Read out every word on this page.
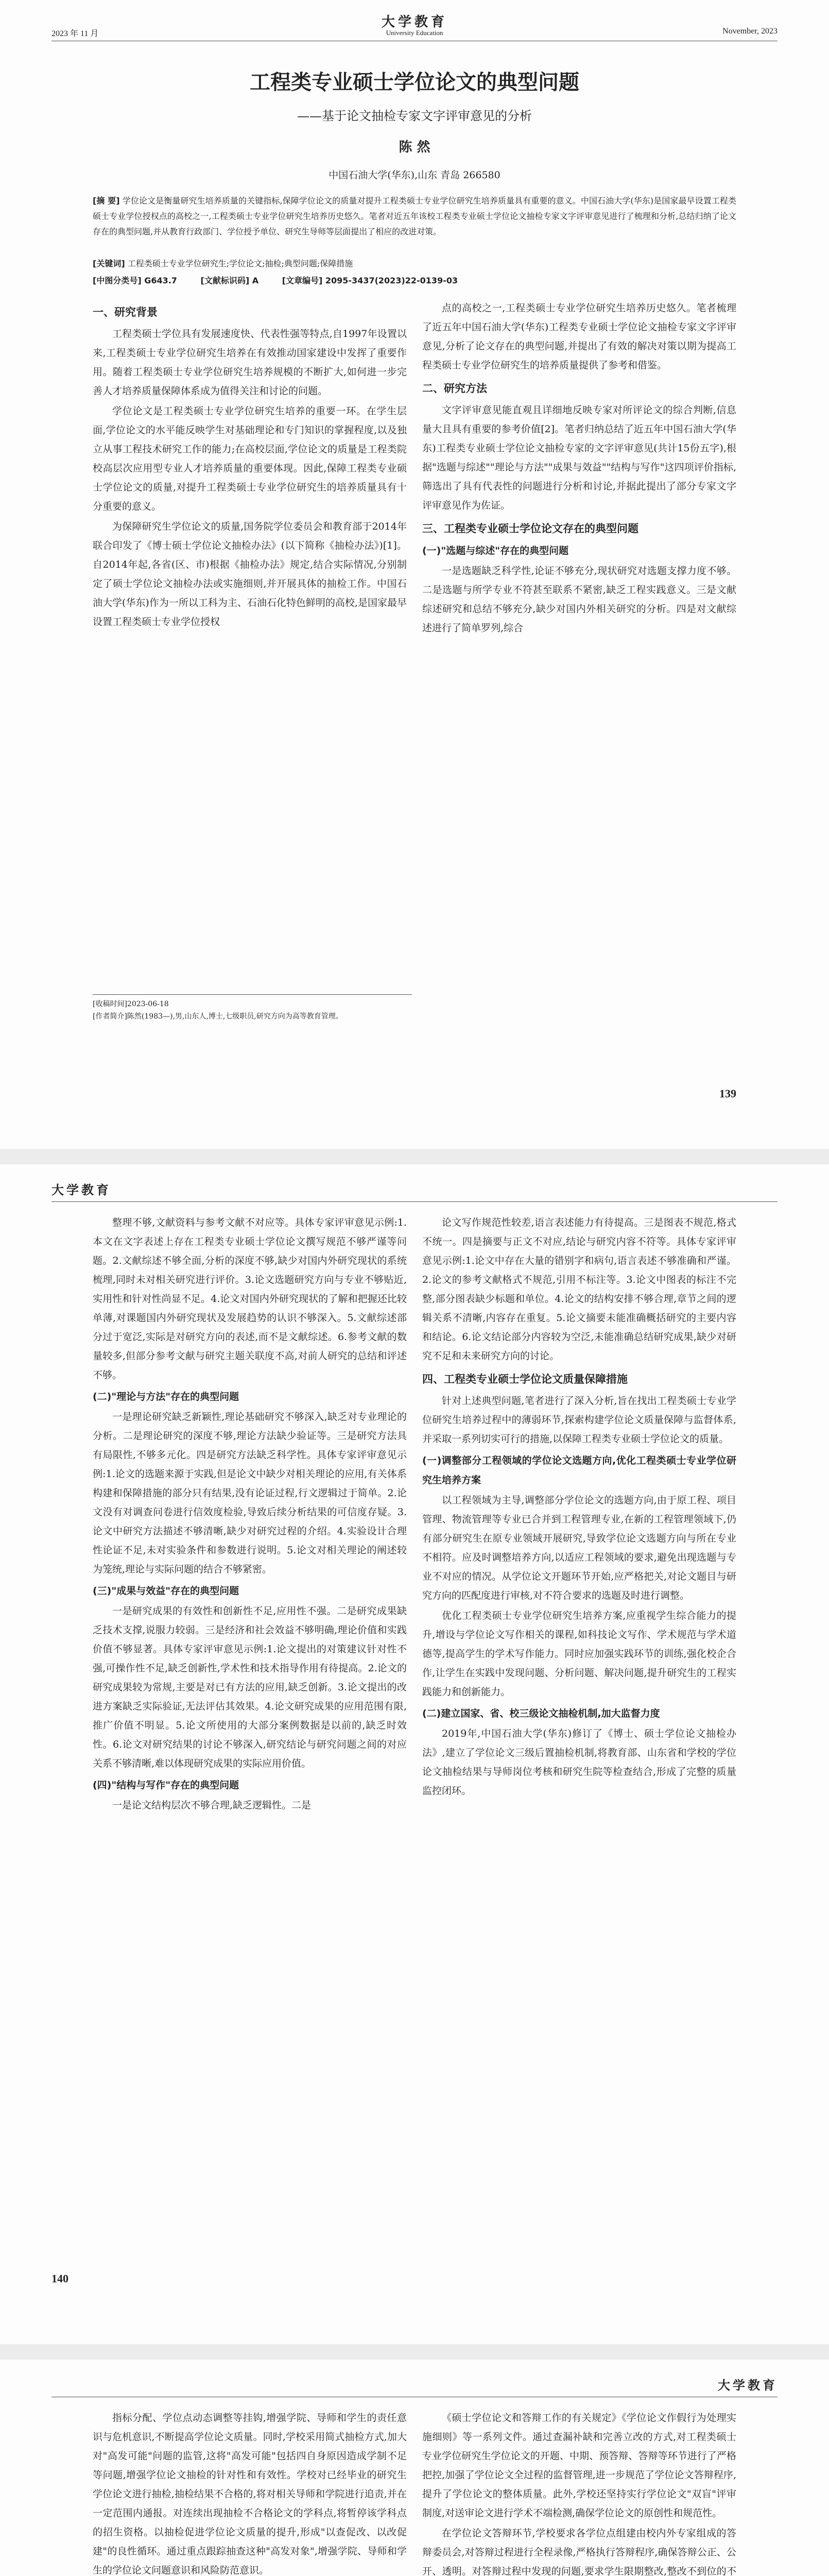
2023 年 11 月
大学教育
University Education	November, 2023
工程类专业硕士学位论文的典型问题
——基于论文抽检专家文字评审意见的分析
陈 然
中国石油大学(华东),山东 青岛 266580
[摘 要] 学位论文是衡量研究生培养质量的关键指标,保障学位论文的质量对提升工程类硕士专业学位研究生培养质量具有重要的意义。中国石油大学(华东)是国家最早设置工程类硕士专业学位授权点的高校之一,工程类硕士专业学位研究生培养历史悠久。笔者对近五年该校工程类专业硕士学位论文抽检专家文字评审意见进行了梳理和分析,总结归纳了论文存在的典型问题,并从教育行政部门、学位授予单位、研究生导师等层面提出了相应的改进对策。
[关键词] 工程类硕士专业学位研究生;学位论文;抽检;典型问题;保障措施
[中图分类号] G643.7	[文献标识码] A	[文章编号] 2095-3437(2023)22-0139-03
一、研究背景

工程类硕士学位具有发展速度快、代表性强等特点,自1997年设置以来,工程类硕士专业学位研究生培养在有效推动国家建设中发挥了重要作用。随着工程类硕士专业学位研究生培养规模的不断扩大,如何进一步完善人才培养质量保障体系成为值得关注和讨论的问题。

学位论文是工程类硕士专业学位研究生培养的重要一环。在学生层面,学位论文的水平能反映学生对基础理论和专门知识的掌握程度,以及独立从事工程技术研究工作的能力;在高校层面,学位论文的质量是工程类院校高层次应用型专业人才培养质量的重要体现。因此,保障工程类专业硕士学位论文的质量,对提升工程类硕士专业学位研究生的培养质量具有十分重要的意义。

为保障研究生学位论文的质量,国务院学位委员会和教育部于2014年联合印发了《博士硕士学位论文抽检办法》(以下简称《抽检办法》)[1]。自2014年起,各省(区、市)根据《抽检办法》规定,结合实际情况,分别制定了硕士学位论文抽检办法或实施细则,并开展具体的抽检工作。中国石油大学(华东)作为一所以工科为主、石油石化特色鲜明的高校,是国家最早设置工程类硕士专业学位授权

点的高校之一,工程类硕士专业学位研究生培养历史悠久。笔者梳理了近五年中国石油大学(华东)工程类专业硕士学位论文抽检专家文字评审意见,分析了论文存在的典型问题,并提出了有效的解决对策以期为提高工程类硕士专业学位研究生的培养质量提供了参考和借鉴。

二、研究方法

文字评审意见能直观且详细地反映专家对所评论文的综合判断,信息量大且具有重要的参考价值[2]。笔者归纳总结了近五年中国石油大学(华东)工程类专业硕士学位论文抽检专家的文字评审意见(共计15份五字),根据"选题与综述""理论与方法""成果与效益""结构与写作"这四项评价指标,筛选出了具有代表性的问题进行分析和讨论,并据此提出了部分专家文字评审意见作为佐证。

三、工程类专业硕士学位论文存在的典型问题
(一)"选题与综述"存在的典型问题

一是选题缺乏科学性,论证不够充分,现状研究对选题支撑力度不够。二是选题与所学专业不符甚至联系不紧密,缺乏工程实践意义。三是文献综述研究和总结不够充分,缺少对国内外相关研究的分析。四是对文献综述进行了简单罗列,综合

[收稿时间]2023-06-18
[作者简介]陈然(1983—),男,山东人,博士,七级职员,研究方向为高等教育管理。
139
大学教育

整理不够,文献资料与参考文献不对应等。具体专家评审意见示例:1.本文在文字表述上存在工程类专业硕士学位论文撰写规范不够严谨等问题。2.文献综述不够全面,分析的深度不够,缺少对国内外研究现状的系统梳理,同时未对相关研究进行评价。3.论文选题研究方向与专业不够贴近,实用性和针对性尚显不足。4.论文对国内外研究现状的了解和把握还比较单薄,对课题国内外研究现状及发展趋势的认识不够深入。5.文献综述部分过于宽泛,实际是对研究方向的表述,而不是文献综述。6.参考文献的数量较多,但部分参考文献与研究主题关联度不高,对前人研究的总结和评述不够。

(二)"理论与方法"存在的典型问题

一是理论研究缺乏新颖性,理论基础研究不够深入,缺乏对专业理论的分析。二是理论研究的深度不够,理论方法缺少验证等。三是研究方法具有局限性,不够多元化。四是研究方法缺乏科学性。具体专家评审意见示例:1.论文的选题来源于实践,但是论文中缺少对相关理论的应用,有关体系构建和保障措施的部分只有结果,没有论证过程,行文逻辑过于简单。2.论文没有对调查问卷进行信效度检验,导致后续分析结果的可信度存疑。3.论文中研究方法描述不够清晰,缺少对研究过程的介绍。4.实验设计合理性论证不足,未对实验条件和参数进行说明。5.论文对相关理论的阐述较为笼统,理论与实际问题的结合不够紧密。

(三)"成果与效益"存在的典型问题

一是研究成果的有效性和创新性不足,应用性不强。二是研究成果缺乏技术支撑,说服力较弱。三是经济和社会效益不够明确,理论价值和实践价值不够显著。具体专家评审意见示例:1.论文提出的对策建议针对性不强,可操作性不足,缺乏创新性,学术性和技术指导作用有待提高。2.论文的研究成果较为常规,主要是对已有方法的应用,缺乏创新。3.论文提出的改进方案缺乏实际验证,无法评估其效果。4.论文研究成果的应用范围有限,推广价值不明显。5.论文所使用的大部分案例数据是以前的,缺乏时效性。6.论文对研究结果的讨论不够深入,研究结论与研究问题之间的对应关系不够清晰,难以体现研究成果的实际应用价值。

(四)"结构与写作"存在的典型问题

一是论文结构层次不够合理,缺乏逻辑性。二是

论文写作规范性较差,语言表述能力有待提高。三是图表不规范,格式不统一。四是摘要与正文不对应,结论与研究内容不符等。具体专家评审意见示例:1.论文中存在大量的错别字和病句,语言表述不够准确和严谨。2.论文的参考文献格式不规范,引用不标注等。3.论文中图表的标注不完整,部分图表缺少标题和单位。4.论文的结构安排不够合理,章节之间的逻辑关系不清晰,内容存在重复。5.论文摘要未能准确概括研究的主要内容和结论。6.论文结论部分内容较为空泛,未能准确总结研究成果,缺少对研究不足和未来研究方向的讨论。

四、工程类专业硕士学位论文质量保障措施

针对上述典型问题,笔者进行了深入分析,旨在找出工程类硕士专业学位研究生培养过程中的薄弱环节,探索构建学位论文质量保障与监督体系,并采取一系列切实可行的措施,以保障工程类专业硕士学位论文的质量。

(一)调整部分工程领域的学位论文选题方向,优化工程类硕士专业学位研究生培养方案

以工程领域为主导,调整部分学位论文的选题方向,由于原工程、项目管理、物流管理等专业已合并到工程管理专业,在新的工程管理领域下,仍有部分研究生在原专业领域开展研究,导致学位论文选题方向与所在专业不相符。应及时调整培养方向,以适应工程领域的要求,避免出现选题与专业不对应的情况。从学位论文开题环节开始,应严格把关,对论文题目与研究方向的匹配度进行审核,对不符合要求的选题及时进行调整。

优化工程类硕士专业学位研究生培养方案,应重视学生综合能力的提升,增设与学位论文写作相关的课程,如科技论文写作、学术规范与学术道德等,提高学生的学术写作能力。同时应加强实践环节的训练,强化校企合作,让学生在实践中发现问题、分析问题、解决问题,提升研究生的工程实践能力和创新能力。

(二)建立国家、省、校三级论文抽检机制,加大监督力度

2019年,中国石油大学(华东)修订了《博士、硕士学位论文抽检办法》,建立了学位论文三级后置抽检机制,将教育部、山东省和学校的学位论文抽检结果与导师岗位考核和研究生院等检查结合,形成了完整的质量监控闭环。

140
大学教育

指标分配、学位点动态调整等挂钩,增强学院、导师和学生的责任意识与危机意识,不断提高学位论文质量。同时,学校采用简式抽检方式,加大对"高发可能"问题的监管,这将"高发可能"包括四自身原因造成学制不足等问题,增强学位论文抽检的针对性和有效性。学校对已经毕业的研究生学位论文进行抽检,抽检结果不合格的,将对相关导师和学院进行追责,并在一定范围内通报。对连续出现抽检不合格论文的学科点,将暂停该学科点的招生资格。以抽检促进学位论文质量的提升,形成"以查促改、以改促建"的良性循环。通过重点跟踪抽查这种"高发对象",增强学院、导师和学生的学位论文问题意识和风险防范意识。

《硕士学位论文和答辩工作的有关规定》《学位论文作假行为处理实施细则》等一系列文件。通过查漏补缺和完善立改的方式,对工程类硕士专业学位研究生学位论文的开题、中期、预答辩、答辩等环节进行了严格把控,加强了学位论文全过程的监督管理,进一步规范了学位论文答辩程序,提升了学位论文的整体质量。此外,学校还坚持实行学位论文"双盲"评审制度,对送审论文进行学术不端检测,确保学位论文的原创性和规范性。

在学位论文答辩环节,学校要求各学位点组建由校内外专家组成的答辩委员会,对答辩过程进行全程录像,严格执行答辩程序,确保答辩公正、公开、透明。对答辩过程中发现的问题,要求学生限期整改,整改不到位的不
